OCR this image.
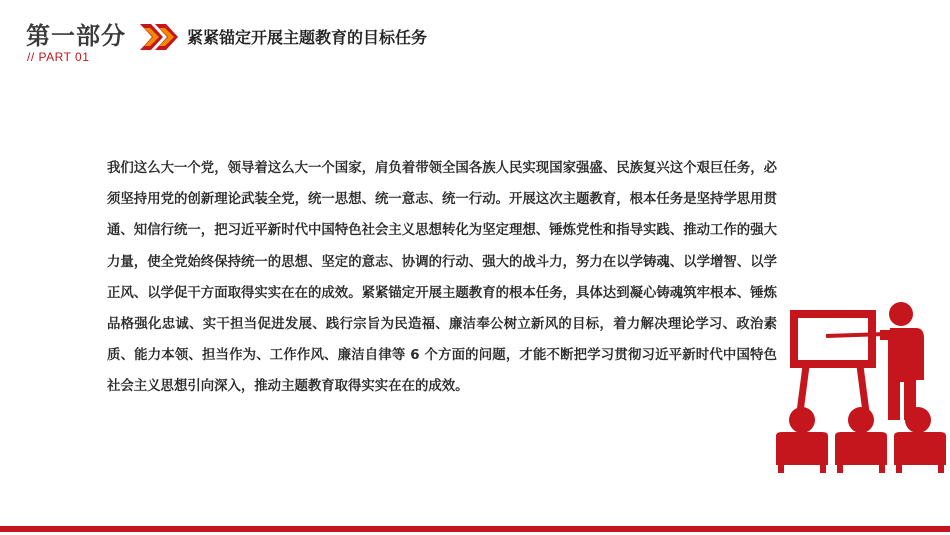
第一部分
// PART 01
紧紧锚定开展主题教育的目标任务

我们这么大一个党，领导着这么大一个国家，肩负着带领全国各族人民实现国家强盛、民族复兴这个艰巨任务，必须坚持用党的创新理论武装全党，统一思想、统一意志、统一行动。开展这次主题教育，根本任务是坚持学思用贯通、知信行统一，把习近平新时代中国特色社会主义思想转化为坚定理想、锤炼党性和指导实践、推动工作的强大力量，使全党始终保持统一的思想、坚定的意志、协调的行动、强大的战斗力，努力在以学铸魂、以学增智、以学正风、以学促干方面取得实实在在的成效。紧紧锚定开展主题教育的根本任务，具体达到凝心铸魂筑牢根本、锤炼品格强化忠诚、实干担当促进发展、践行宗旨为民造福、廉洁奉公树立新风的目标，着力解决理论学习、政治素质、能力本领、担当作为、工作作风、廉洁自律等 6 个方面的问题，才能不断把学习贯彻习近平新时代中国特色社会主义思想引向深入，推动主题教育取得实实在在的成效。
